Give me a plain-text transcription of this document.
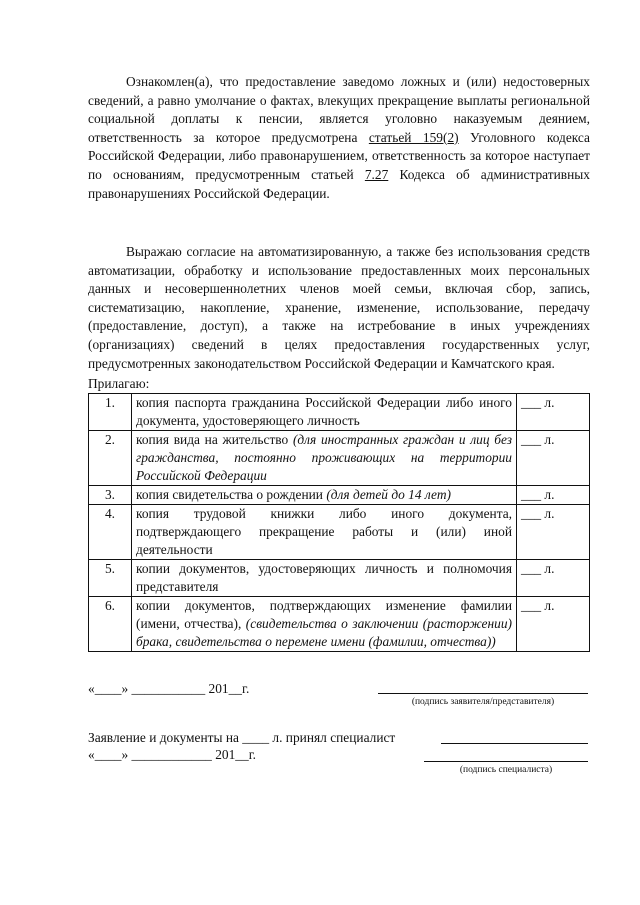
Ознакомлен(а), что предоставление заведомо ложных и (или) недостоверных сведений, а равно умолчание о фактах, влекущих прекращение выплаты региональной социальной доплаты к пенсии, является уголовно наказуемым деянием, ответственность за которое предусмотрена статьей 159(2) Уголовного кодекса Российской Федерации, либо правонарушением, ответственность за которое наступает по основаниям, предусмотренным статьей 7.27 Кодекса об административных правонарушениях Российской Федерации.

Выражаю согласие на автоматизированную, а также без использования средств автоматизации, обработку и использование предоставленных моих персональных данных и несовершеннолетних членов моей семьи, включая сбор, запись, систематизацию, накопление, хранение, изменение, использование, передачу (предоставление, доступ), а также на истребование в иных учреждениях (организациях) сведений в целях предоставления государственных услуг, предусмотренных законодательством Российской Федерации и Камчатского края.

Прилагаю:
1.	копия паспорта гражданина Российской Федерации либо иного документа, удостоверяющего личность	___ л.
2.	копия вида на жительство (для иностранных граждан и лиц без гражданства, постоянно проживающих на территории Российской Федерации	___ л.
3.	копия свидетельства о рождении (для детей до 14 лет)	___ л.
4.	копия трудовой книжки либо иного документа, подтверждающего прекращение работы и (или) иной деятельности	___ л.
5.	копии документов, удостоверяющих личность и полномочия представителя	___ л.
6.	копии документов, подтверждающих изменение фамилии (имени, отчества), (свидетельства о заключении (расторжении) брака, свидетельства о перемене имени (фамилии, отчества))	___ л.
«____» ___________ 201__г.
(подпись заявителя/представителя)
Заявление и документы на ____ л. принял специалист
«____» ____________ 201__г.
(подпись специалиста)
